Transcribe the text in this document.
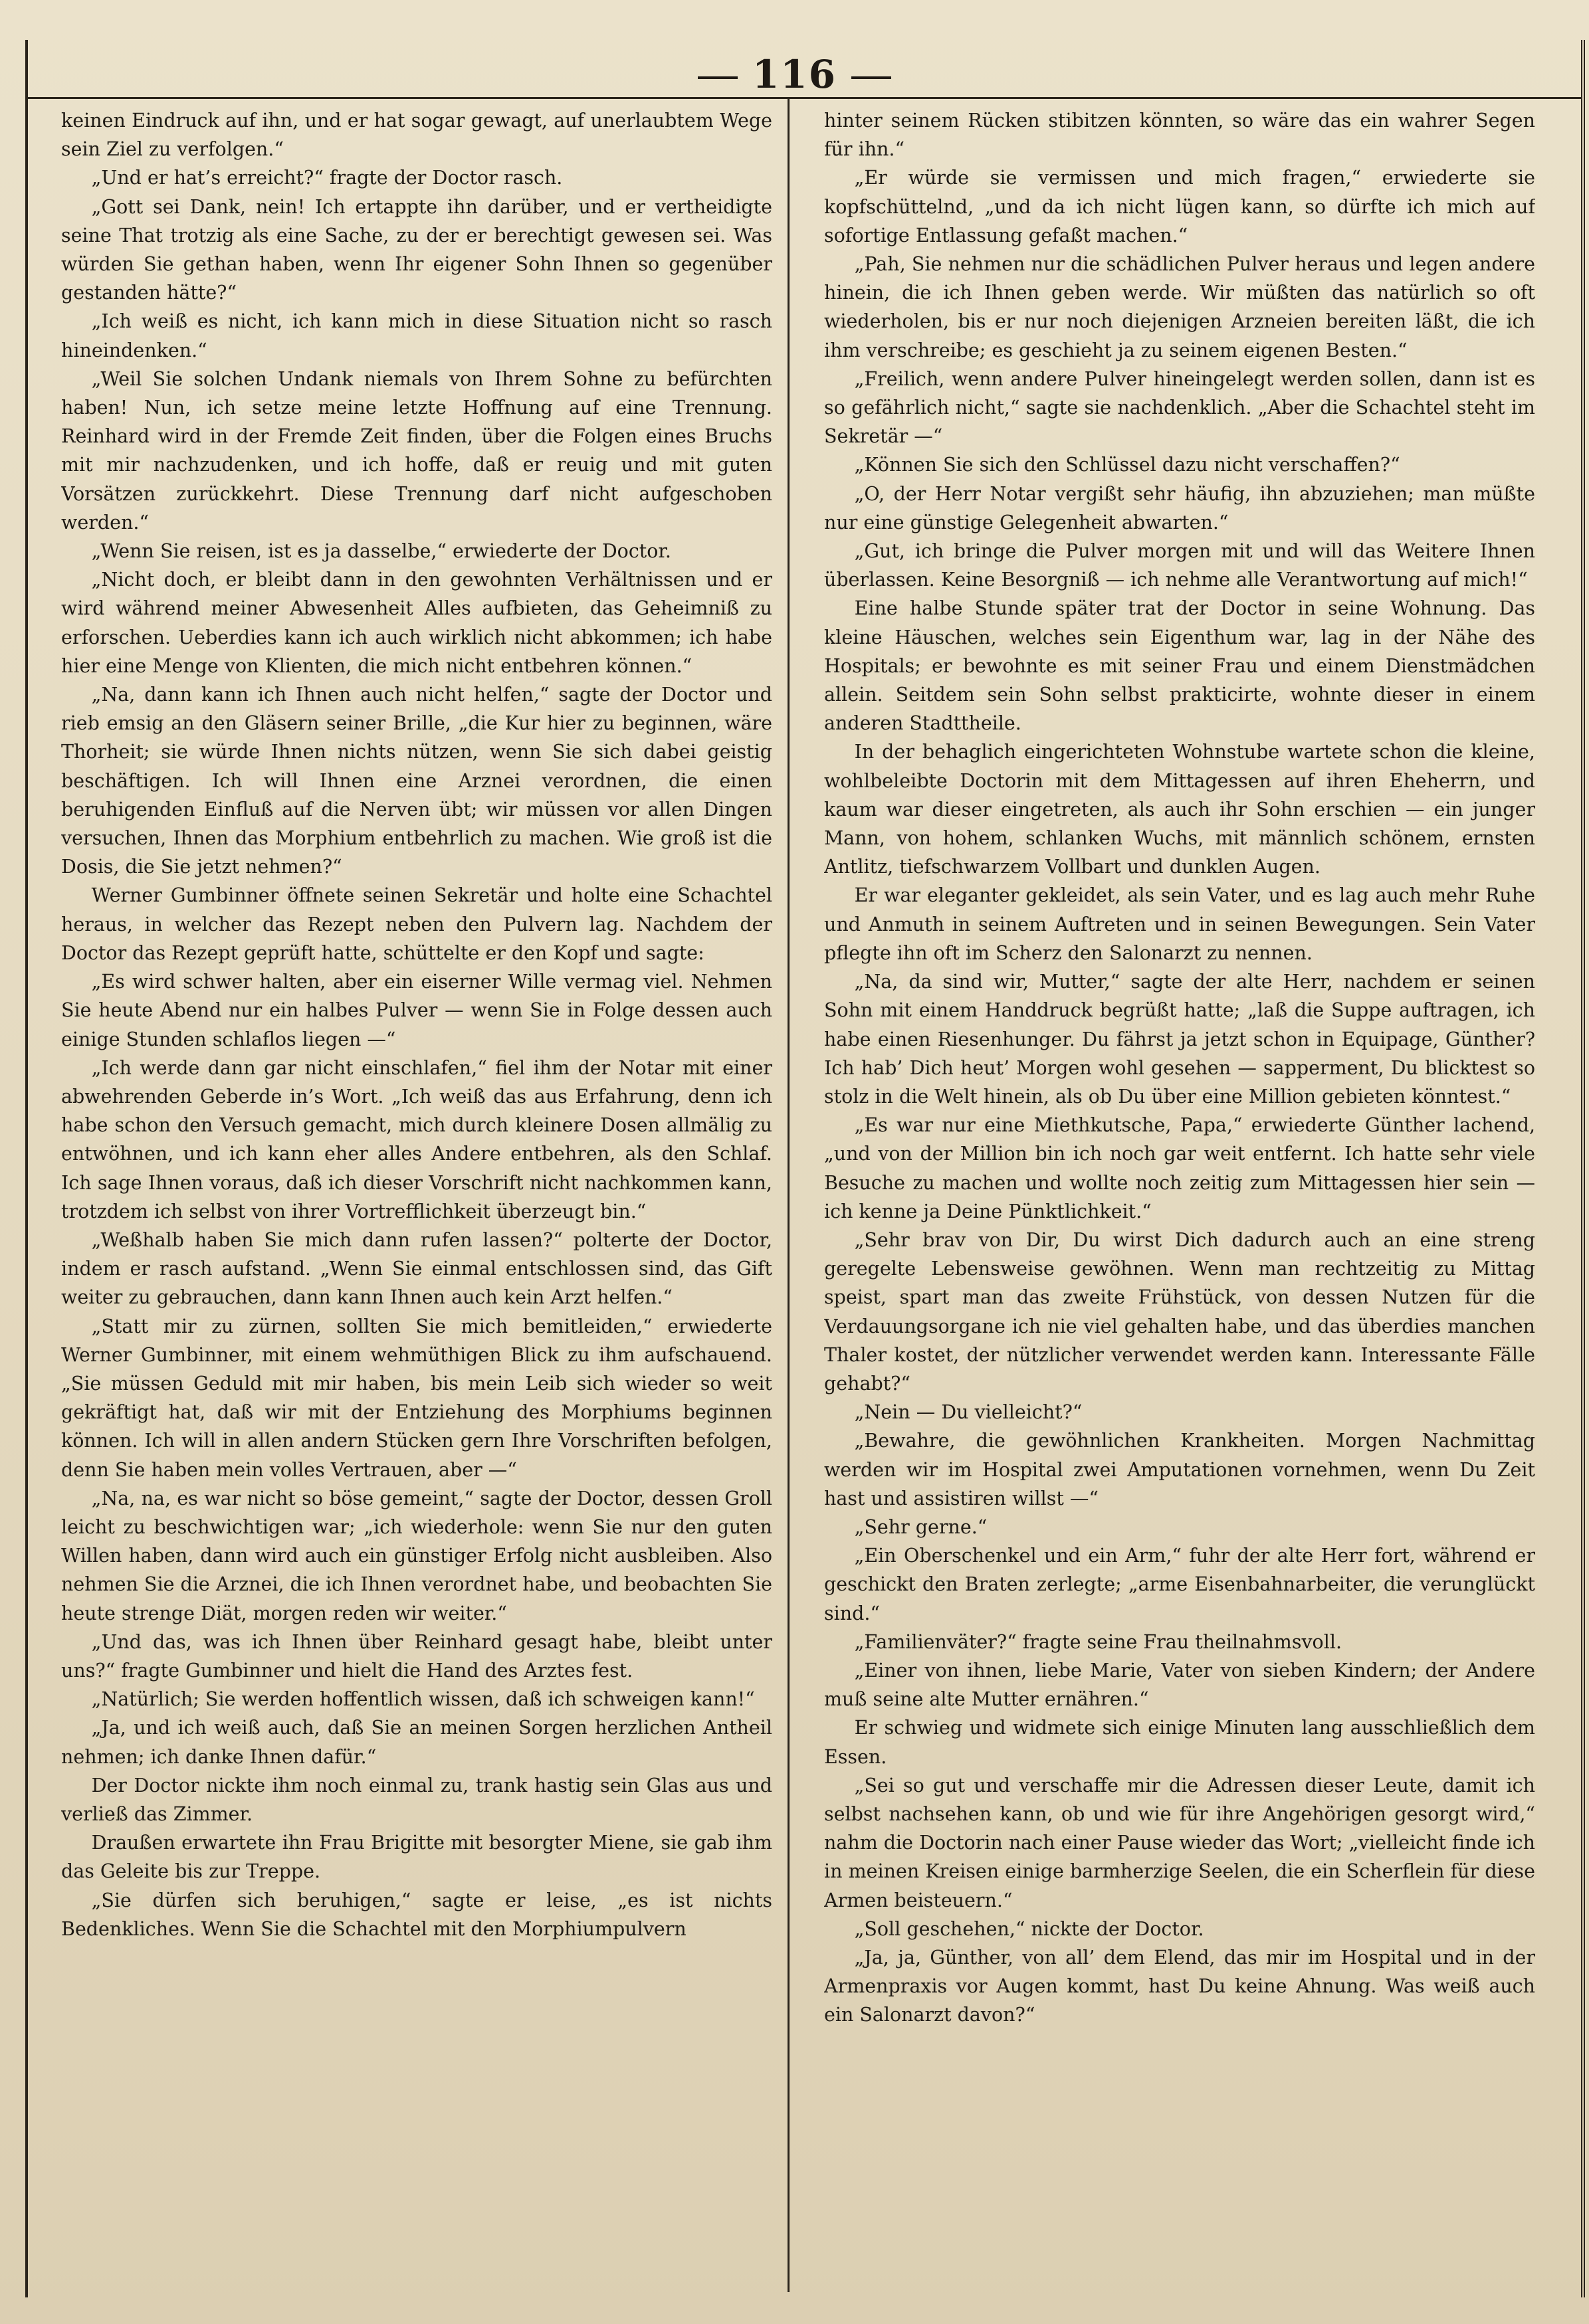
116

keinen Eindruck auf ihn, und er hat sogar gewagt, auf unerlaubtem Wege sein Ziel zu verfolgen.“

„Und er hat’s erreicht?“ fragte der Doctor rasch.

„Gott sei Dank, nein! Ich ertappte ihn darüber, und er vertheidigte seine That trotzig als eine Sache, zu der er berechtigt gewesen sei. Was würden Sie gethan haben, wenn Ihr eigener Sohn Ihnen so gegenüber gestanden hätte?“

„Ich weiß es nicht, ich kann mich in diese Situation nicht so rasch hineindenken.“

„Weil Sie solchen Undank niemals von Ihrem Sohne zu befürchten haben! Nun, ich setze meine letzte Hoffnung auf eine Trennung. Reinhard wird in der Fremde Zeit finden, über die Folgen eines Bruchs mit mir nachzudenken, und ich hoffe, daß er reuig und mit guten Vorsätzen zurückkehrt. Diese Trennung darf nicht aufgeschoben werden.“

„Wenn Sie reisen, ist es ja dasselbe,“ erwiederte der Doctor.

„Nicht doch, er bleibt dann in den gewohnten Verhältnissen und er wird während meiner Abwesenheit Alles aufbieten, das Geheimniß zu erforschen. Ueberdies kann ich auch wirklich nicht abkommen; ich habe hier eine Menge von Klienten, die mich nicht entbehren können.“

„Na, dann kann ich Ihnen auch nicht helfen,“ sagte der Doctor und rieb emsig an den Gläsern seiner Brille, „die Kur hier zu beginnen, wäre Thorheit; sie würde Ihnen nichts nützen, wenn Sie sich dabei geistig beschäftigen. Ich will Ihnen eine Arznei verordnen, die einen beruhigenden Einfluß auf die Nerven übt; wir müssen vor allen Dingen versuchen, Ihnen das Morphium entbehrlich zu machen. Wie groß ist die Dosis, die Sie jetzt nehmen?“

Werner Gumbinner öffnete seinen Sekretär und holte eine Schachtel heraus, in welcher das Rezept neben den Pulvern lag. Nachdem der Doctor das Rezept geprüft hatte, schüttelte er den Kopf und sagte:

„Es wird schwer halten, aber ein eiserner Wille vermag viel. Nehmen Sie heute Abend nur ein halbes Pulver — wenn Sie in Folge dessen auch einige Stunden schlaflos liegen —“

„Ich werde dann gar nicht einschlafen,“ fiel ihm der Notar mit einer abwehrenden Geberde in’s Wort. „Ich weiß das aus Erfahrung, denn ich habe schon den Versuch gemacht, mich durch kleinere Dosen allmälig zu entwöhnen, und ich kann eher alles Andere entbehren, als den Schlaf. Ich sage Ihnen voraus, daß ich dieser Vorschrift nicht nachkommen kann, trotzdem ich selbst von ihrer Vortrefflichkeit überzeugt bin.“

„Weßhalb haben Sie mich dann rufen lassen?“ polterte der Doctor, indem er rasch aufstand. „Wenn Sie einmal entschlossen sind, das Gift weiter zu gebrauchen, dann kann Ihnen auch kein Arzt helfen.“

„Statt mir zu zürnen, sollten Sie mich bemitleiden,“ erwiederte Werner Gumbinner, mit einem wehmüthigen Blick zu ihm aufschauend. „Sie müssen Geduld mit mir haben, bis mein Leib sich wieder so weit gekräftigt hat, daß wir mit der Entziehung des Morphiums beginnen können. Ich will in allen andern Stücken gern Ihre Vorschriften befolgen, denn Sie haben mein volles Vertrauen, aber —“

„Na, na, es war nicht so böse gemeint,“ sagte der Doctor, dessen Groll leicht zu beschwichtigen war; „ich wiederhole: wenn Sie nur den guten Willen haben, dann wird auch ein günstiger Erfolg nicht ausbleiben. Also nehmen Sie die Arznei, die ich Ihnen verordnet habe, und beobachten Sie heute strenge Diät, morgen reden wir weiter.“

„Und das, was ich Ihnen über Reinhard gesagt habe, bleibt unter uns?“ fragte Gumbinner und hielt die Hand des Arztes fest.

„Natürlich; Sie werden hoffentlich wissen, daß ich schweigen kann!“

„Ja, und ich weiß auch, daß Sie an meinen Sorgen herzlichen Antheil nehmen; ich danke Ihnen dafür.“

Der Doctor nickte ihm noch einmal zu, trank hastig sein Glas aus und verließ das Zimmer.

Draußen erwartete ihn Frau Brigitte mit besorgter Miene, sie gab ihm das Geleite bis zur Treppe.

„Sie dürfen sich beruhigen,“ sagte er leise, „es ist nichts Bedenkliches. Wenn Sie die Schachtel mit den Morphiumpulvern

hinter seinem Rücken stibitzen könnten, so wäre das ein wahrer Segen für ihn.“

„Er würde sie vermissen und mich fragen,“ erwiederte sie kopfschüttelnd, „und da ich nicht lügen kann, so dürfte ich mich auf sofortige Entlassung gefaßt machen.“

„Pah, Sie nehmen nur die schädlichen Pulver heraus und legen andere hinein, die ich Ihnen geben werde. Wir müßten das natürlich so oft wiederholen, bis er nur noch diejenigen Arzneien bereiten läßt, die ich ihm verschreibe; es geschieht ja zu seinem eigenen Besten.“

„Freilich, wenn andere Pulver hineingelegt werden sollen, dann ist es so gefährlich nicht,“ sagte sie nachdenklich. „Aber die Schachtel steht im Sekretär —“

„Können Sie sich den Schlüssel dazu nicht verschaffen?“

„O, der Herr Notar vergißt sehr häufig, ihn abzuziehen; man müßte nur eine günstige Gelegenheit abwarten.“

„Gut, ich bringe die Pulver morgen mit und will das Weitere Ihnen überlassen. Keine Besorgniß — ich nehme alle Verantwortung auf mich!“

Eine halbe Stunde später trat der Doctor in seine Wohnung. Das kleine Häuschen, welches sein Eigenthum war, lag in der Nähe des Hospitals; er bewohnte es mit seiner Frau und einem Dienstmädchen allein. Seitdem sein Sohn selbst prakticirte, wohnte dieser in einem anderen Stadttheile.

In der behaglich eingerichteten Wohnstube wartete schon die kleine, wohlbeleibte Doctorin mit dem Mittagessen auf ihren Eheherrn, und kaum war dieser eingetreten, als auch ihr Sohn erschien — ein junger Mann, von hohem, schlanken Wuchs, mit männlich schönem, ernsten Antlitz, tiefschwarzem Vollbart und dunklen Augen.

Er war eleganter gekleidet, als sein Vater, und es lag auch mehr Ruhe und Anmuth in seinem Auftreten und in seinen Bewegungen. Sein Vater pflegte ihn oft im Scherz den Salonarzt zu nennen.

„Na, da sind wir, Mutter,“ sagte der alte Herr, nachdem er seinen Sohn mit einem Handdruck begrüßt hatte; „laß die Suppe auftragen, ich habe einen Riesenhunger. Du fährst ja jetzt schon in Equipage, Günther? Ich hab’ Dich heut’ Morgen wohl gesehen — sapperment, Du blicktest so stolz in die Welt hinein, als ob Du über eine Million gebieten könntest.“

„Es war nur eine Miethkutsche, Papa,“ erwiederte Günther lachend, „und von der Million bin ich noch gar weit entfernt. Ich hatte sehr viele Besuche zu machen und wollte noch zeitig zum Mittagessen hier sein — ich kenne ja Deine Pünktlichkeit.“

„Sehr brav von Dir, Du wirst Dich dadurch auch an eine streng geregelte Lebensweise gewöhnen. Wenn man rechtzeitig zu Mittag speist, spart man das zweite Frühstück, von dessen Nutzen für die Verdauungsorgane ich nie viel gehalten habe, und das überdies manchen Thaler kostet, der nützlicher verwendet werden kann. Interessante Fälle gehabt?“

„Nein — Du vielleicht?“

„Bewahre, die gewöhnlichen Krankheiten. Morgen Nachmittag werden wir im Hospital zwei Amputationen vornehmen, wenn Du Zeit hast und assistiren willst —“

„Sehr gerne.“

„Ein Oberschenkel und ein Arm,“ fuhr der alte Herr fort, während er geschickt den Braten zerlegte; „arme Eisenbahnarbeiter, die verunglückt sind.“

„Familienväter?“ fragte seine Frau theilnahmsvoll.

„Einer von ihnen, liebe Marie, Vater von sieben Kindern; der Andere muß seine alte Mutter ernähren.“

Er schwieg und widmete sich einige Minuten lang ausschließlich dem Essen.

„Sei so gut und verschaffe mir die Adressen dieser Leute, damit ich selbst nachsehen kann, ob und wie für ihre Angehörigen gesorgt wird,“ nahm die Doctorin nach einer Pause wieder das Wort; „vielleicht finde ich in meinen Kreisen einige barmherzige Seelen, die ein Scherflein für diese Armen beisteuern.“

„Soll geschehen,“ nickte der Doctor.

„Ja, ja, Günther, von all’ dem Elend, das mir im Hospital und in der Armenpraxis vor Augen kommt, hast Du keine Ahnung. Was weiß auch ein Salonarzt davon?“
